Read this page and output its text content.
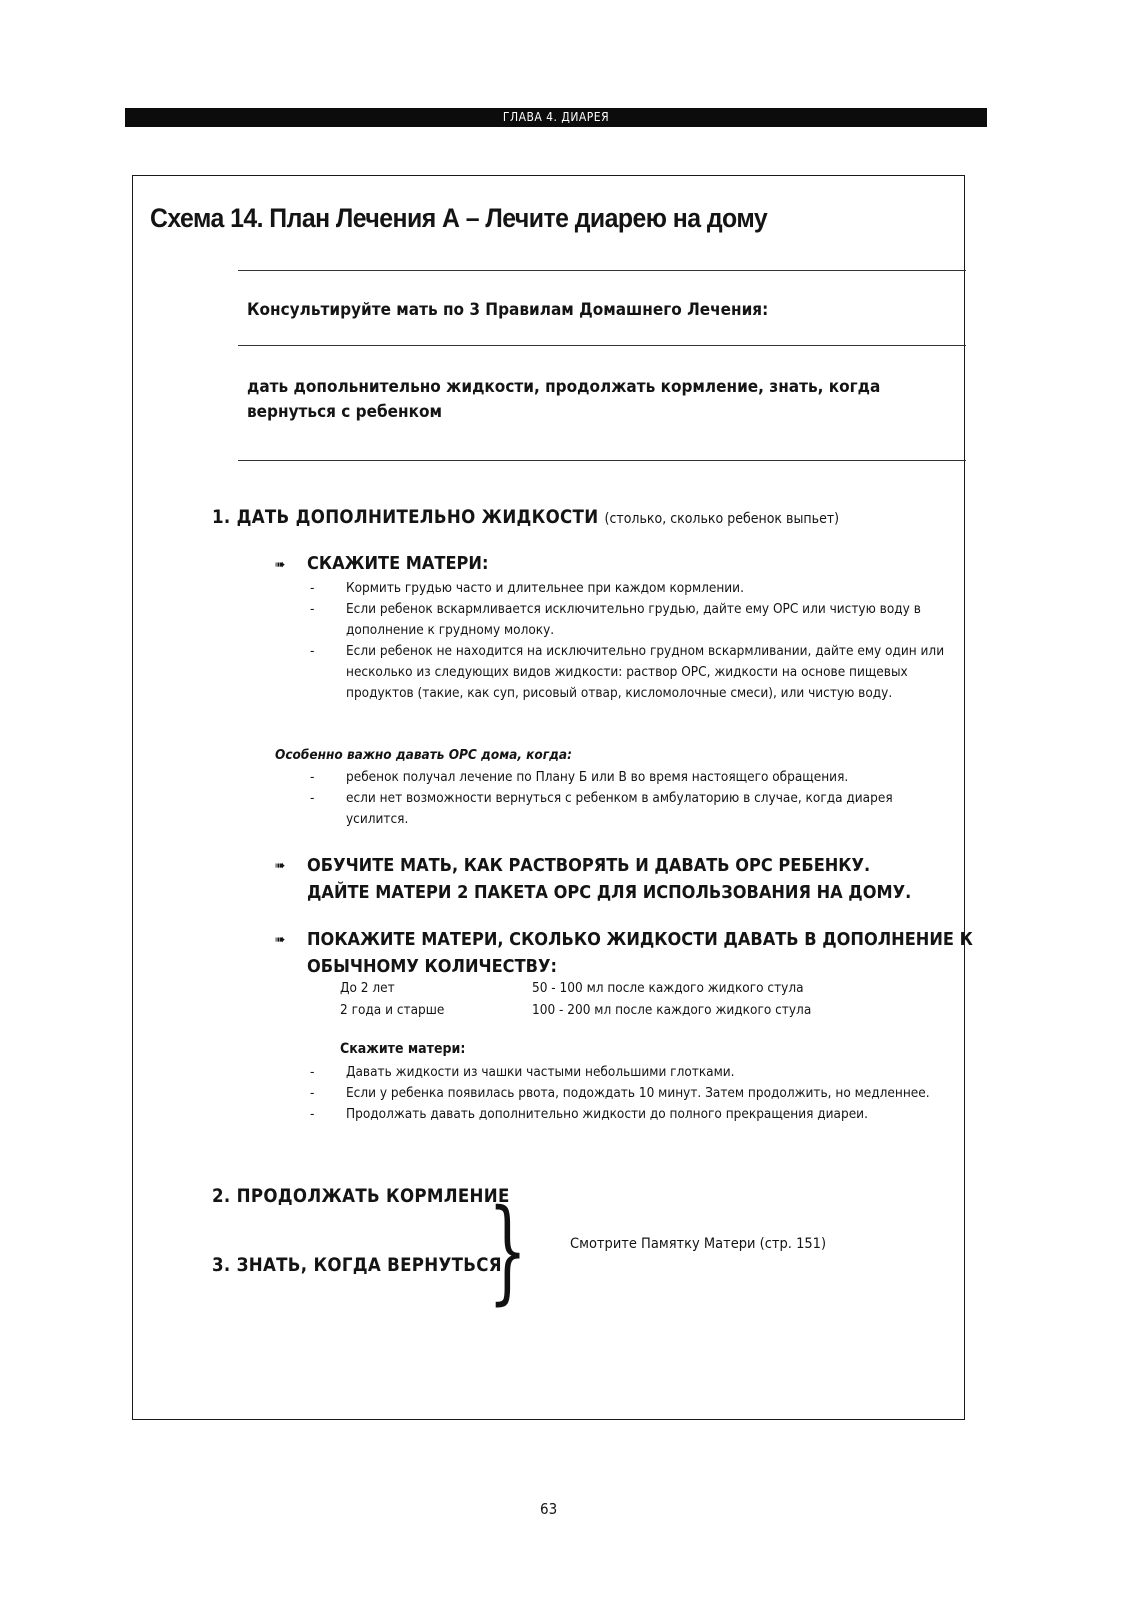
ГЛАВА 4. ДИАРЕЯ
Схема 14. План Лечения А – Лечите диарею на дому
Консультируйте мать по 3 Правилам Домашнего Лечения:
дать допольнительно жидкости, продолжать кормление, знать, когда вернуться с ребенком
1. ДАТЬ ДОПОЛНИТЕЛЬНО ЖИДКОСТИ (столько, сколько ребенок выпьет)
➠ СКАЖИТЕ МАТЕРИ:
- Кормить грудью часто и длительнее при каждом кормлении.
- Если ребенок вскармливается исключительно грудью, дайте ему ОРС или чистую воду в дополнение к грудному молоку.
- Если ребенок не находится на исключительно грудном вскармливании, дайте ему один или несколько из следующих видов жидкости: раствор ОРС, жидкости на основе пищевых продуктов (такие, как суп, рисовый отвар, кисломолочные смеси), или чистую воду.
Особенно важно давать ОРС дома, когда:
- ребенок получал лечение по Плану Б или В во время настоящего обращения.
- если нет возможности вернуться с ребенком в амбулаторию в случае, когда диарея усилится.
➠ ОБУЧИТЕ МАТЬ, КАК РАСТВОРЯТЬ И ДАВАТЬ ОРС РЕБЕНКУ.
ДАЙТЕ МАТЕРИ 2 ПАКЕТА ОРС ДЛЯ ИСПОЛЬЗОВАНИЯ НА ДОМУ.
➠ ПОКАЖИТЕ МАТЕРИ, СКОЛЬКО ЖИДКОСТИ ДАВАТЬ В ДОПОЛНЕНИЕ К ОБЫЧНОМУ КОЛИЧЕСТВУ:
До 2 лет	50 - 100 мл после каждого жидкого стула
2 года и старше	100 - 200 мл после каждого жидкого стула
Скажите матери:
- Давать жидкости из чашки частыми небольшими глотками.
- Если у ребенка появилась рвота, подождать 10 минут. Затем продолжить, но медленнее.
- Продолжать давать дополнительно жидкости до полного прекращения диареи.
2. ПРОДОЛЖАТЬ КОРМЛЕНИЕ
3. ЗНАТЬ, КОГДА ВЕРНУТЬСЯ
}	Смотрите Памятку Матери (стр. 151)
63
